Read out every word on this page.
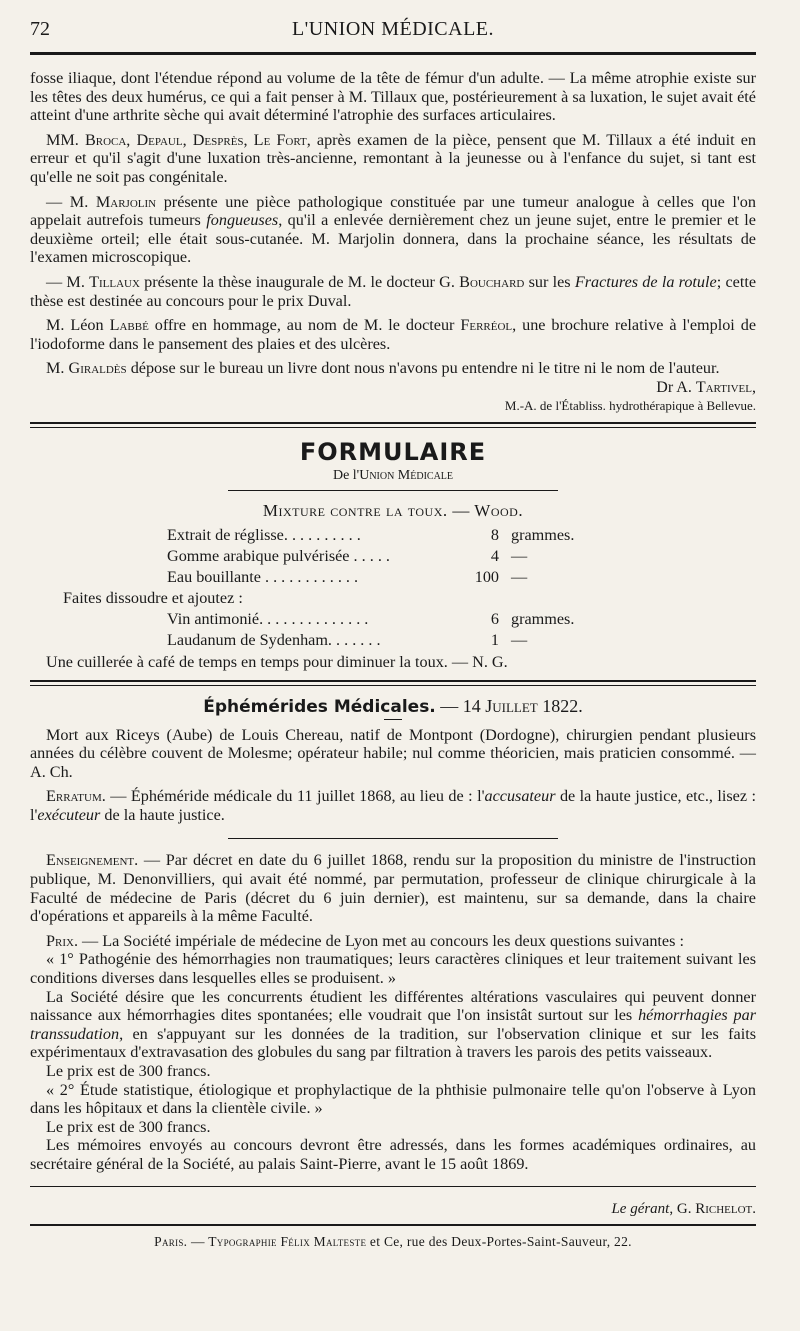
72	L'UNION MÉDICALE.

fosse iliaque, dont l'étendue répond au volume de la tête de fémur d'un adulte. — La même atrophie existe sur les têtes des deux humérus, ce qui a fait penser à M. Tillaux que, postérieurement à sa luxation, le sujet avait été atteint d'une arthrite sèche qui avait déterminé l'atrophie des surfaces articulaires.

MM. Broca, Depaul, Desprès, Le Fort, après examen de la pièce, pensent que M. Tillaux a été induit en erreur et qu'il s'agit d'une luxation très-ancienne, remontant à la jeunesse ou à l'enfance du sujet, si tant est qu'elle ne soit pas congénitale.

— M. Marjolin présente une pièce pathologique constituée par une tumeur analogue à celles que l'on appelait autrefois tumeurs fongueuses, qu'il a enlevée dernièrement chez un jeune sujet, entre le premier et le deuxième orteil; elle était sous-cutanée. M. Marjolin donnera, dans la prochaine séance, les résultats de l'examen microscopique.

— M. Tillaux présente la thèse inaugurale de M. le docteur G. Bouchard sur les Fractures de la rotule; cette thèse est destinée au concours pour le prix Duval.

M. Léon Labbé offre en hommage, au nom de M. le docteur Ferréol, une brochure relative à l'emploi de l'iodoforme dans le pansement des plaies et des ulcères.

M. Giraldès dépose sur le bureau un livre dont nous n'avons pu entendre ni le titre ni le nom de l'auteur.

Dr A. Tartivel,
M.-A. de l'Établiss. hydrothérapique à Bellevue.
FORMULAIRE
De l'Union Médicale
Mixture contre la toux. — Wood.
Extrait de réglisse. . . . . . . . . .	8 grammes.
Gomme arabique pulvérisée . . . . .	4 —
Eau bouillante . . . . . . . . . . . .	100 —
Faites dissoudre et ajoutez :
Vin antimonié. . . . . . . . . . . . . .	6 grammes.
Laudanum de Sydenham. . . . . . .	1 —

Une cuillerée à café de temps en temps pour diminuer la toux. — N. G.

Éphémérides Médicales. — 14 Juillet 1822.

Mort aux Riceys (Aube) de Louis Chereau, natif de Montpont (Dordogne), chirurgien pendant plusieurs années du célèbre couvent de Molesme; opérateur habile; nul comme théoricien, mais praticien consommé. — A. Ch.

Erratum. — Éphéméride médicale du 11 juillet 1868, au lieu de : l'accusateur de la haute justice, etc., lisez : l'exécuteur de la haute justice.

Enseignement. — Par décret en date du 6 juillet 1868, rendu sur la proposition du ministre de l'instruction publique, M. Denonvilliers, qui avait été nommé, par permutation, professeur de clinique chirurgicale à la Faculté de médecine de Paris (décret du 6 juin dernier), est maintenu, sur sa demande, dans la chaire d'opérations et appareils à la même Faculté.

Prix. — La Société impériale de médecine de Lyon met au concours les deux questions suivantes :

« 1° Pathogénie des hémorrhagies non traumatiques; leurs caractères cliniques et leur traitement suivant les conditions diverses dans lesquelles elles se produisent. »

La Société désire que les concurrents étudient les différentes altérations vasculaires qui peuvent donner naissance aux hémorrhagies dites spontanées; elle voudrait que l'on insistât surtout sur les hémorrhagies par transsudation, en s'appuyant sur les données de la tradition, sur l'observation clinique et sur les faits expérimentaux d'extravasation des globules du sang par filtration à travers les parois des petits vaisseaux.

Le prix est de 300 francs.

« 2° Étude statistique, étiologique et prophylactique de la phthisie pulmonaire telle qu'on l'observe à Lyon dans les hôpitaux et dans la clientèle civile. »

Le prix est de 300 francs.

Les mémoires envoyés au concours devront être adressés, dans les formes académiques ordinaires, au secrétaire général de la Société, au palais Saint-Pierre, avant le 15 août 1869.

Le gérant, G. Richelot.
Paris. — Typographie Félix Malteste et Ce, rue des Deux-Portes-Saint-Sauveur, 22.
